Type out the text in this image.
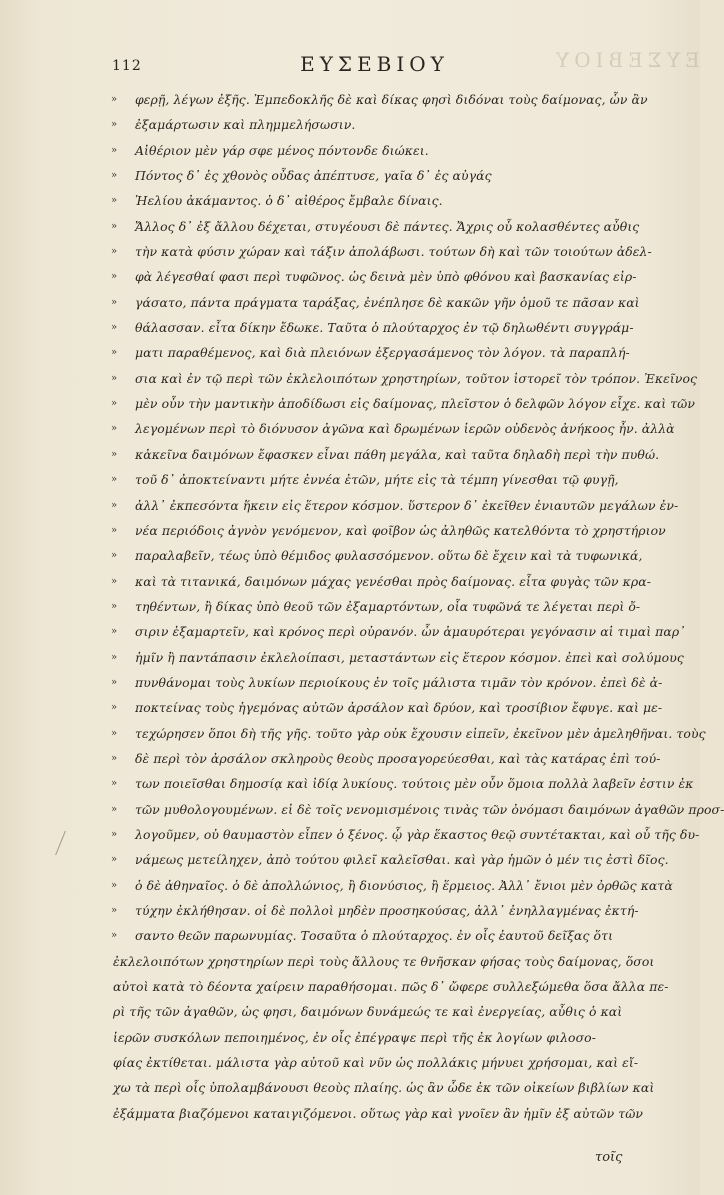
ΕΥΣΕΒΙΟΥ
112	ΕΥΣΕΒΙΟΥ
» φερῇ, λέγων ἐξῆς. Ἐμπεδοκλῆς δὲ καὶ δίκας φησὶ διδόναι τοὺς δαίμονας, ὧν ἂν
» ἐξαμάρτωσιν καὶ πλημμελήσωσιν.
» Αἰθέριον μὲν γάρ σφε μένος πόντονδε διώκει.
» Πόντος δ᾽ ἐς χθονὸς οὖδας ἀπέπτυσε, γαῖα δ᾽ ἐς αὐγάς
» Ἠελίου ἀκάμαντος. ὁ δ᾽ αἰθέρος ἔμβαλε δίναις.
» Ἄλλος δ᾽ ἐξ ἄλλου δέχεται, στυγέουσι δὲ πάντες. Ἄχρις οὗ κολασθέντες αὖθις
» τὴν κατὰ φύσιν χώραν καὶ τάξιν ἀπολάβωσι. τούτων δὴ καὶ τῶν τοιούτων ἀδελ-
» φὰ λέγεσθαί φασι περὶ τυφῶνος. ὡς δεινὰ μὲν ὑπὸ φθόνου καὶ βασκανίας εἰρ-
» γάσατο, πάντα πράγματα ταράξας, ἐνέπλησε δὲ κακῶν γῆν ὁμοῦ τε πᾶσαν καὶ
» θάλασσαν. εἶτα δίκην ἔδωκε. Ταῦτα ὁ πλούταρχος ἐν τῷ δηλωθέντι συγγράμ-
» ματι παραθέμενος, καὶ διὰ πλειόνων ἐξεργασάμενος τὸν λόγον. τὰ παραπλή-
» σια καὶ ἐν τῷ περὶ τῶν ἐκλελοιπότων χρηστηρίων, τοῦτον ἱστορεῖ τὸν τρόπον. Ἐκεῖνος
» μὲν οὖν τὴν μαντικὴν ἀποδίδωσι εἰς δαίμονας, πλεῖστον ὁ δελφῶν λόγον εἶχε. καὶ τῶν
» λεγομένων περὶ τὸ διόνυσον ἀγῶνα καὶ δρωμένων ἱερῶν οὐδενὸς ἀνήκοος ἦν. ἀλλὰ
» κἀκεῖνα δαιμόνων ἔφασκεν εἶναι πάθη μεγάλα, καὶ ταῦτα δηλαδὴ περὶ τὴν πυθώ.
» τοῦ δ᾽ ἀποκτείναντι μήτε ἐννέα ἐτῶν, μήτε εἰς τὰ τέμπη γίνεσθαι τῷ φυγῇ,
» ἀλλ᾽ ἐκπεσόντα ἥκειν εἰς ἕτερον κόσμον. ὕστερον δ᾽ ἐκεῖθεν ἐνιαυτῶν μεγάλων ἐν-
» νέα περιόδοις ἁγνὸν γενόμενον, καὶ φοῖβον ὡς ἀληθῶς κατελθόντα τὸ χρηστήριον
» παραλαβεῖν, τέως ὑπὸ θέμιδος φυλασσόμενον. οὕτω δὲ ἔχειν καὶ τὰ τυφωνικά,
» καὶ τὰ τιτανικά, δαιμόνων μάχας γενέσθαι πρὸς δαίμονας. εἶτα φυγὰς τῶν κρα-
» τηθέντων, ἢ δίκας ὑπὸ θεοῦ τῶν ἐξαμαρτόντων, οἷα τυφῶνά τε λέγεται περὶ ὄ-
» σιριν ἐξαμαρτεῖν, καὶ κρόνος περὶ οὐρανόν. ὧν ἀμαυρότεραι γεγόνασιν αἱ τιμαὶ παρ᾽
» ἡμῖν ἢ παντάπασιν ἐκλελοίπασι, μεταστάντων εἰς ἕτερον κόσμον. ἐπεὶ καὶ σολύμους
» πυνθάνομαι τοὺς λυκίων περιοίκους ἐν τοῖς μάλιστα τιμᾶν τὸν κρόνον. ἐπεὶ δὲ ἀ-
» ποκτείνας τοὺς ἡγεμόνας αὐτῶν ἀρσάλον καὶ δρύον, καὶ τροσίβιον ἔφυγε. καὶ με-
» τεχώρησεν ὅποι δὴ τῆς γῆς. τοῦτο γὰρ οὐκ ἔχουσιν εἰπεῖν, ἐκεῖνον μὲν ἀμεληθῆναι. τοὺς
» δὲ περὶ τὸν ἀρσάλον σκληροὺς θεοὺς προσαγορεύεσθαι, καὶ τὰς κατάρας ἐπὶ τού-
» των ποιεῖσθαι δημοσίᾳ καὶ ἰδίᾳ λυκίους. τούτοις μὲν οὖν ὅμοια πολλὰ λαβεῖν ἐστιν ἐκ
» τῶν μυθολογουμένων. εἰ δὲ τοῖς νενομισμένοις τινὰς τῶν ὀνόμασι δαιμόνων ἀγαθῶν προσ-
» λογοῦμεν, οὐ θαυμαστὸν εἶπεν ὁ ξένος. ᾧ γὰρ ἕκαστος θεῷ συντέτακται, καὶ οὗ τῆς δυ-
» νάμεως μετείληχεν, ἀπὸ τούτου φιλεῖ καλεῖσθαι. καὶ γὰρ ἡμῶν ὁ μέν τις ἐστὶ δῖος.
» ὁ δὲ ἀθηναῖος. ὁ δὲ ἀπολλώνιος, ἢ διονύσιος, ἢ ἕρμειος. Ἀλλ᾽ ἔνιοι μὲν ὀρθῶς κατὰ
» τύχην ἐκλήθησαν. οἱ δὲ πολλοὶ μηδὲν προσηκούσας, ἀλλ᾽ ἐνηλλαγμένας ἐκτή-
» σαντο θεῶν παρωνυμίας. Τοσαῦτα ὁ πλούταρχος. ἐν οἷς ἑαυτοῦ δεῖξας ὅτι
ἐκλελοιπότων χρηστηρίων περὶ τοὺς ἄλλους τε θνῆσκαν φήσας τοὺς δαίμονας, ὅσοι
αὐτοὶ κατὰ τὸ δέοντα χαίρειν παραθήσομαι. πῶς δ᾽ ὤφερε συλλεξώμεθα ὅσα ἄλλα πε-
ρὶ τῆς τῶν ἀγαθῶν, ὡς φησι, δαιμόνων δυνάμεώς τε καὶ ἐνεργείας, αὖθις ὁ καὶ
ἱερῶν συσκόλων πεποιημένος, ἐν οἷς ἐπέγραψε περὶ τῆς ἐκ λογίων φιλοσο-
φίας ἐκτίθεται. μάλιστα γὰρ αὐτοῦ καὶ νῦν ὡς πολλάκις μήνυει χρήσομαι, καὶ εἴ-
χω τὰ περὶ οἷς ὑπολαμβάνουσι θεοὺς πλαίης. ὡς ἂν ὧδε ἐκ τῶν οἰκείων βιβλίων καὶ
ἐξάμματα βιαζόμενοι καταιγιζόμενοι. οὕτως γὰρ καὶ γνοῖεν ἂν ἡμῖν ἐξ αὐτῶν τῶν
τοῖς
